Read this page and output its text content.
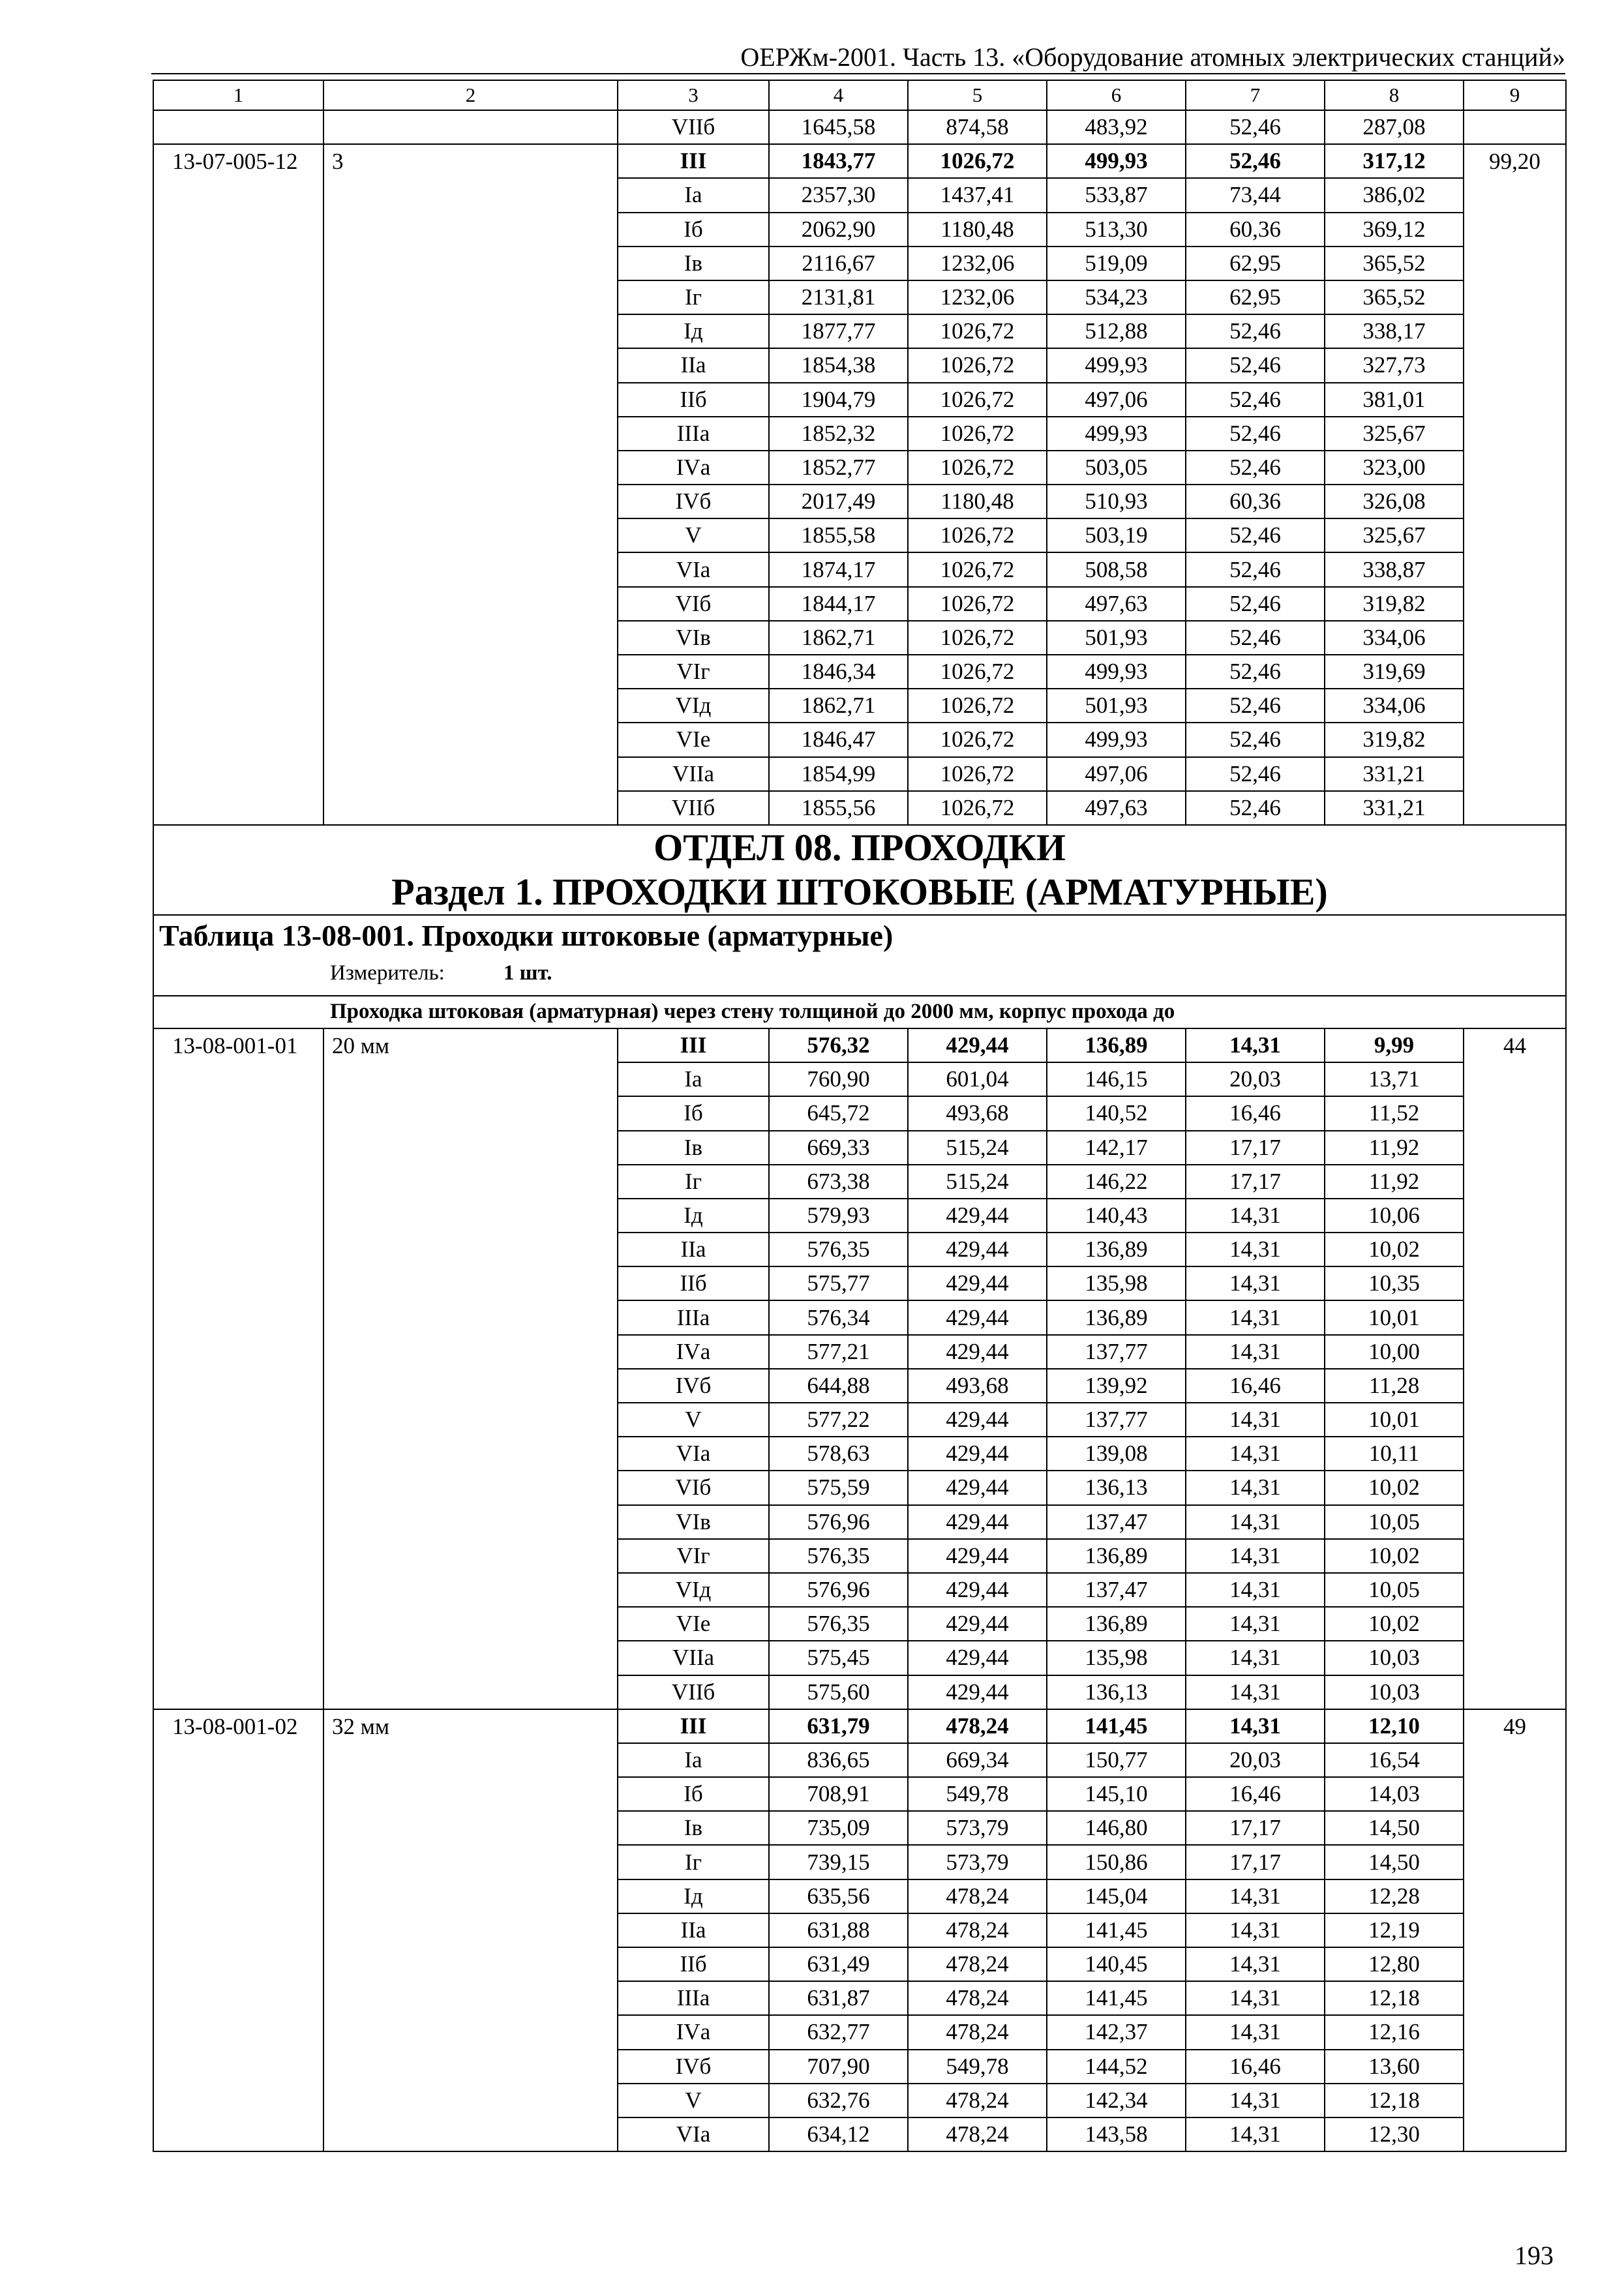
ОЕРЖм-2001. Часть 13. «Оборудование атомных электрических станций»
1	2	3	4	5	6	7	8	9
		VIIб	1645,58	874,58	483,92	52,46	287,08	
13-07-005-12	3	III	1843,77	1026,72	499,93	52,46	317,12	99,20
		Iа	2357,30	1437,41	533,87	73,44	386,02	
		Iб	2062,90	1180,48	513,30	60,36	369,12	
		Iв	2116,67	1232,06	519,09	62,95	365,52	
		Iг	2131,81	1232,06	534,23	62,95	365,52	
		Iд	1877,77	1026,72	512,88	52,46	338,17	
		IIа	1854,38	1026,72	499,93	52,46	327,73	
		IIб	1904,79	1026,72	497,06	52,46	381,01	
		IIIа	1852,32	1026,72	499,93	52,46	325,67	
		IVа	1852,77	1026,72	503,05	52,46	323,00	
		IVб	2017,49	1180,48	510,93	60,36	326,08	
		V	1855,58	1026,72	503,19	52,46	325,67	
		VIа	1874,17	1026,72	508,58	52,46	338,87	
		VIб	1844,17	1026,72	497,63	52,46	319,82	
		VIв	1862,71	1026,72	501,93	52,46	334,06	
		VIг	1846,34	1026,72	499,93	52,46	319,69	
		VIд	1862,71	1026,72	501,93	52,46	334,06	
		VIе	1846,47	1026,72	499,93	52,46	319,82	
		VIIа	1854,99	1026,72	497,06	52,46	331,21	
		VIIб	1855,56	1026,72	497,63	52,46	331,21	

ОТДЕЛ 08. ПРОХОДКИ
Раздел 1. ПРОХОДКИ ШТОКОВЫЕ (АРМАТУРНЫЕ)								

Таблица 13-08-001. Проходки штоковые (арматурные)
Измеритель: 1 шт.								

Проходка штоковая (арматурная) через стену толщиной до 2000 мм, корпус прохода до								
13-08-001-01	20 мм	III	576,32	429,44	136,89	14,31	9,99	44
		Iа	760,90	601,04	146,15	20,03	13,71	
		Iб	645,72	493,68	140,52	16,46	11,52	
		Iв	669,33	515,24	142,17	17,17	11,92	
		Iг	673,38	515,24	146,22	17,17	11,92	
		Iд	579,93	429,44	140,43	14,31	10,06	
		IIа	576,35	429,44	136,89	14,31	10,02	
		IIб	575,77	429,44	135,98	14,31	10,35	
		IIIа	576,34	429,44	136,89	14,31	10,01	
		IVа	577,21	429,44	137,77	14,31	10,00	
		IVб	644,88	493,68	139,92	16,46	11,28	
		V	577,22	429,44	137,77	14,31	10,01	
		VIа	578,63	429,44	139,08	14,31	10,11	
		VIб	575,59	429,44	136,13	14,31	10,02	
		VIв	576,96	429,44	137,47	14,31	10,05	
		VIг	576,35	429,44	136,89	14,31	10,02	
		VIд	576,96	429,44	137,47	14,31	10,05	
		VIе	576,35	429,44	136,89	14,31	10,02	
		VIIа	575,45	429,44	135,98	14,31	10,03	
		VIIб	575,60	429,44	136,13	14,31	10,03	
13-08-001-02	32 мм	III	631,79	478,24	141,45	14,31	12,10	49
		Iа	836,65	669,34	150,77	20,03	16,54	
		Iб	708,91	549,78	145,10	16,46	14,03	
		Iв	735,09	573,79	146,80	17,17	14,50	
		Iг	739,15	573,79	150,86	17,17	14,50	
		Iд	635,56	478,24	145,04	14,31	12,28	
		IIа	631,88	478,24	141,45	14,31	12,19	
		IIб	631,49	478,24	140,45	14,31	12,80	
		IIIа	631,87	478,24	141,45	14,31	12,18	
		IVа	632,77	478,24	142,37	14,31	12,16	
		IVб	707,90	549,78	144,52	16,46	13,60	
		V	632,76	478,24	142,34	14,31	12,18	
		VIа	634,12	478,24	143,58	14,31	12,30	
193
